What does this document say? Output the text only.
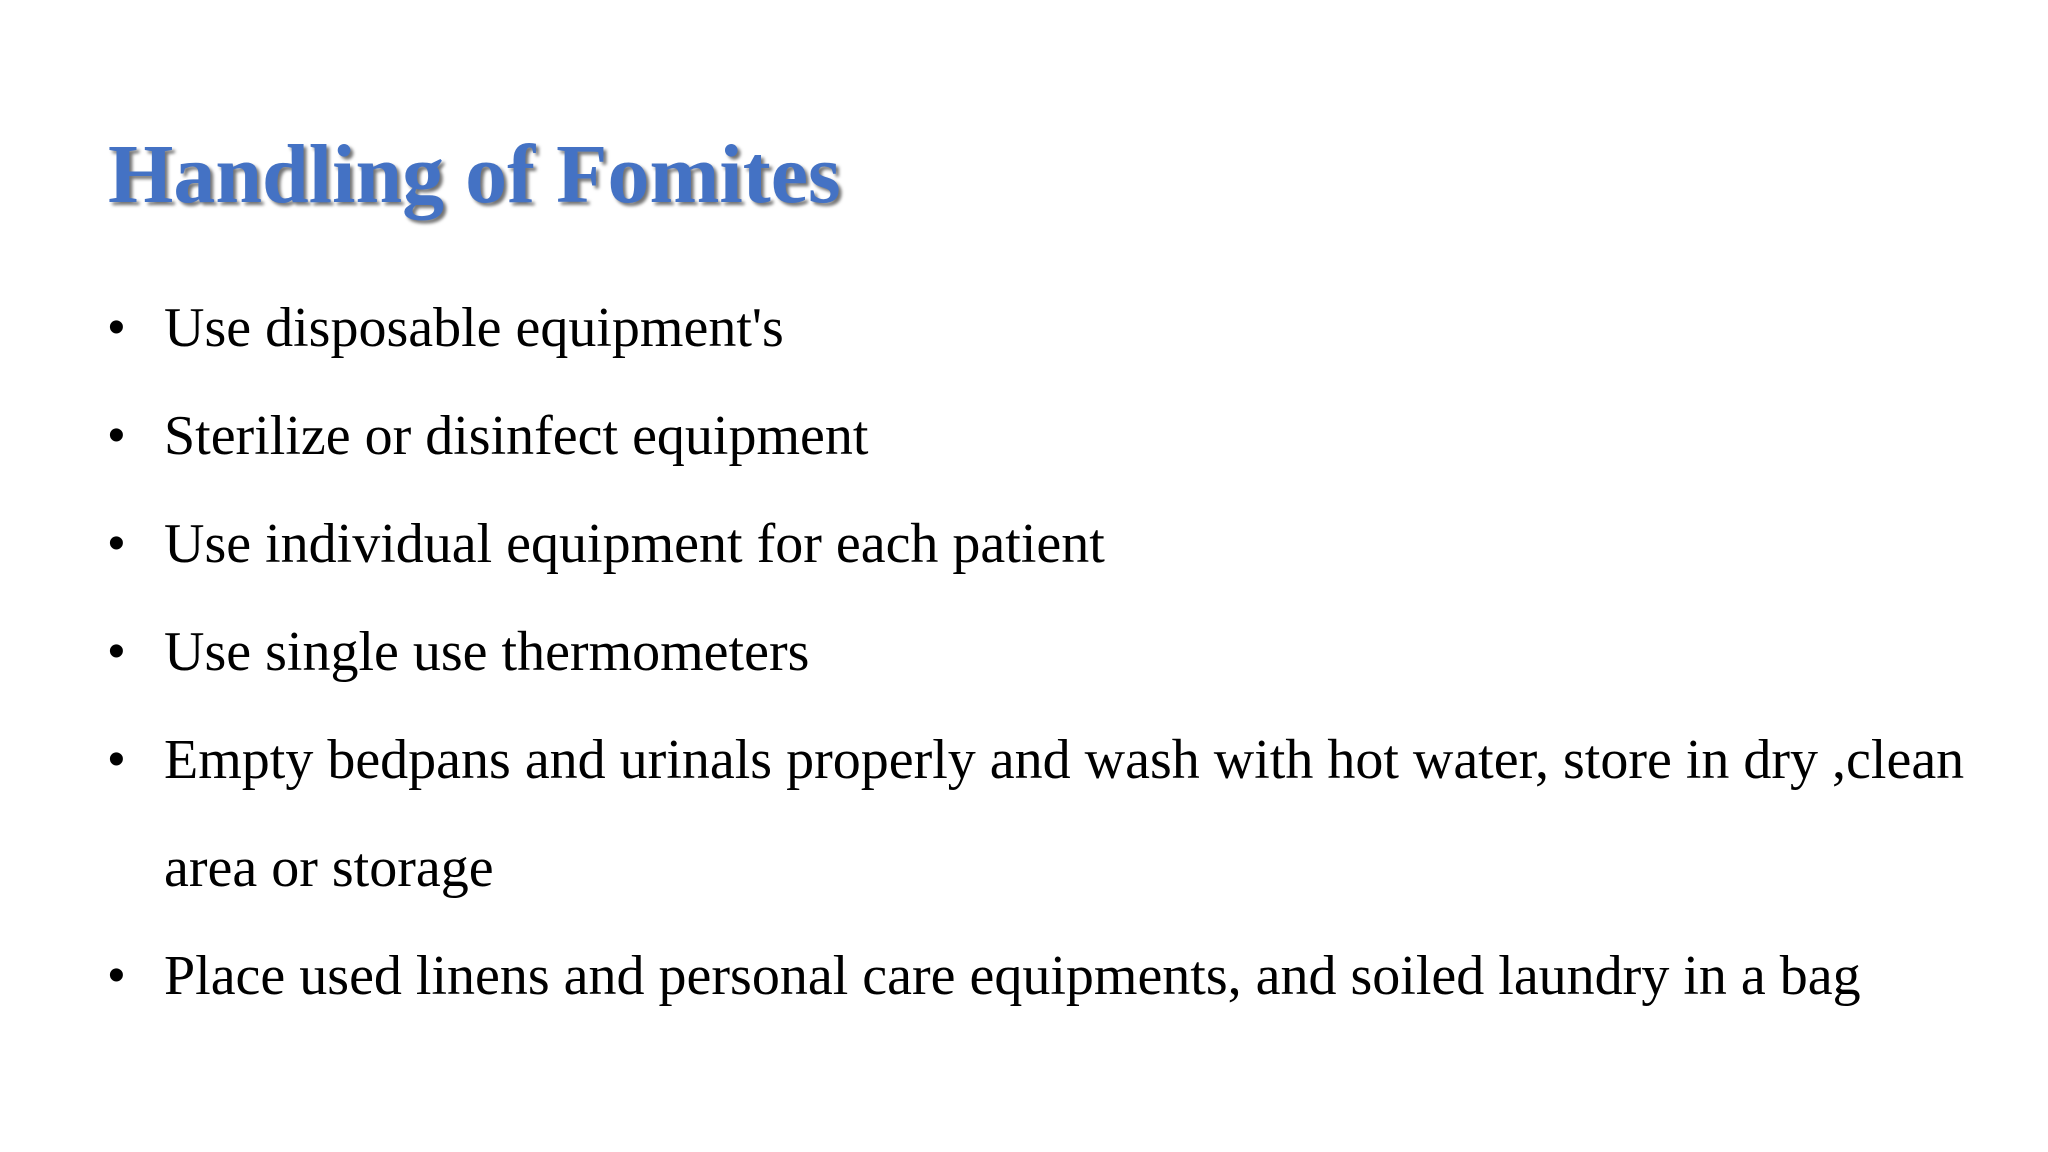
Handling of Fomites
• Use disposable equipment's
• Sterilize or disinfect equipment
• Use individual equipment for each patient
• Use single use thermometers
• Empty bedpans and urinals properly and wash with hot water, store in dry ,clean area or storage
• Place used linens and personal care equipments, and soiled laundry in a bag
